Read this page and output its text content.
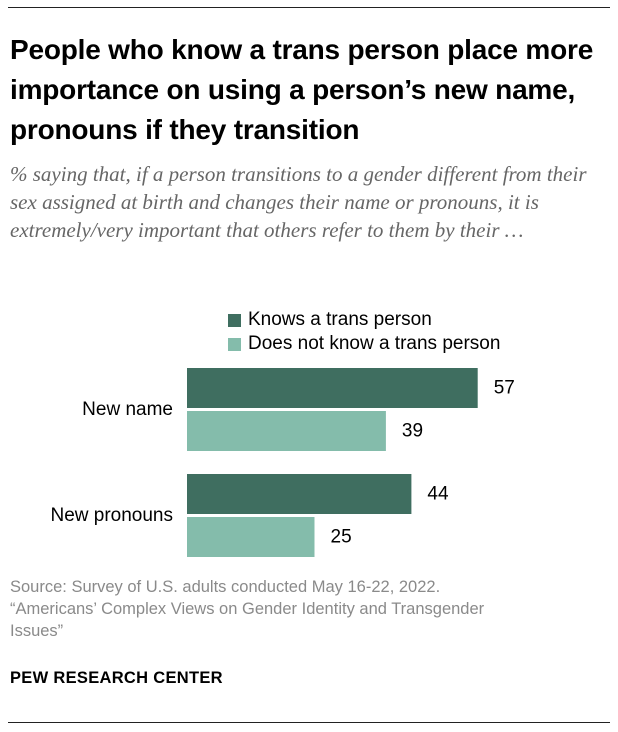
People who know a trans person place more importance on using a person’s new name, pronouns if they transition
% saying that, if a person transitions to a gender different from their sex assigned at birth and changes their name or pronouns, it is extremely/very important that others refer to them by their …
Knows a trans person
Does not know a trans person
New name
57
39
New pronouns
44
25
Source: Survey of U.S. adults conducted May 16-22, 2022.
“Americans’ Complex Views on Gender Identity and Transgender
Issues”
PEW RESEARCH CENTER
